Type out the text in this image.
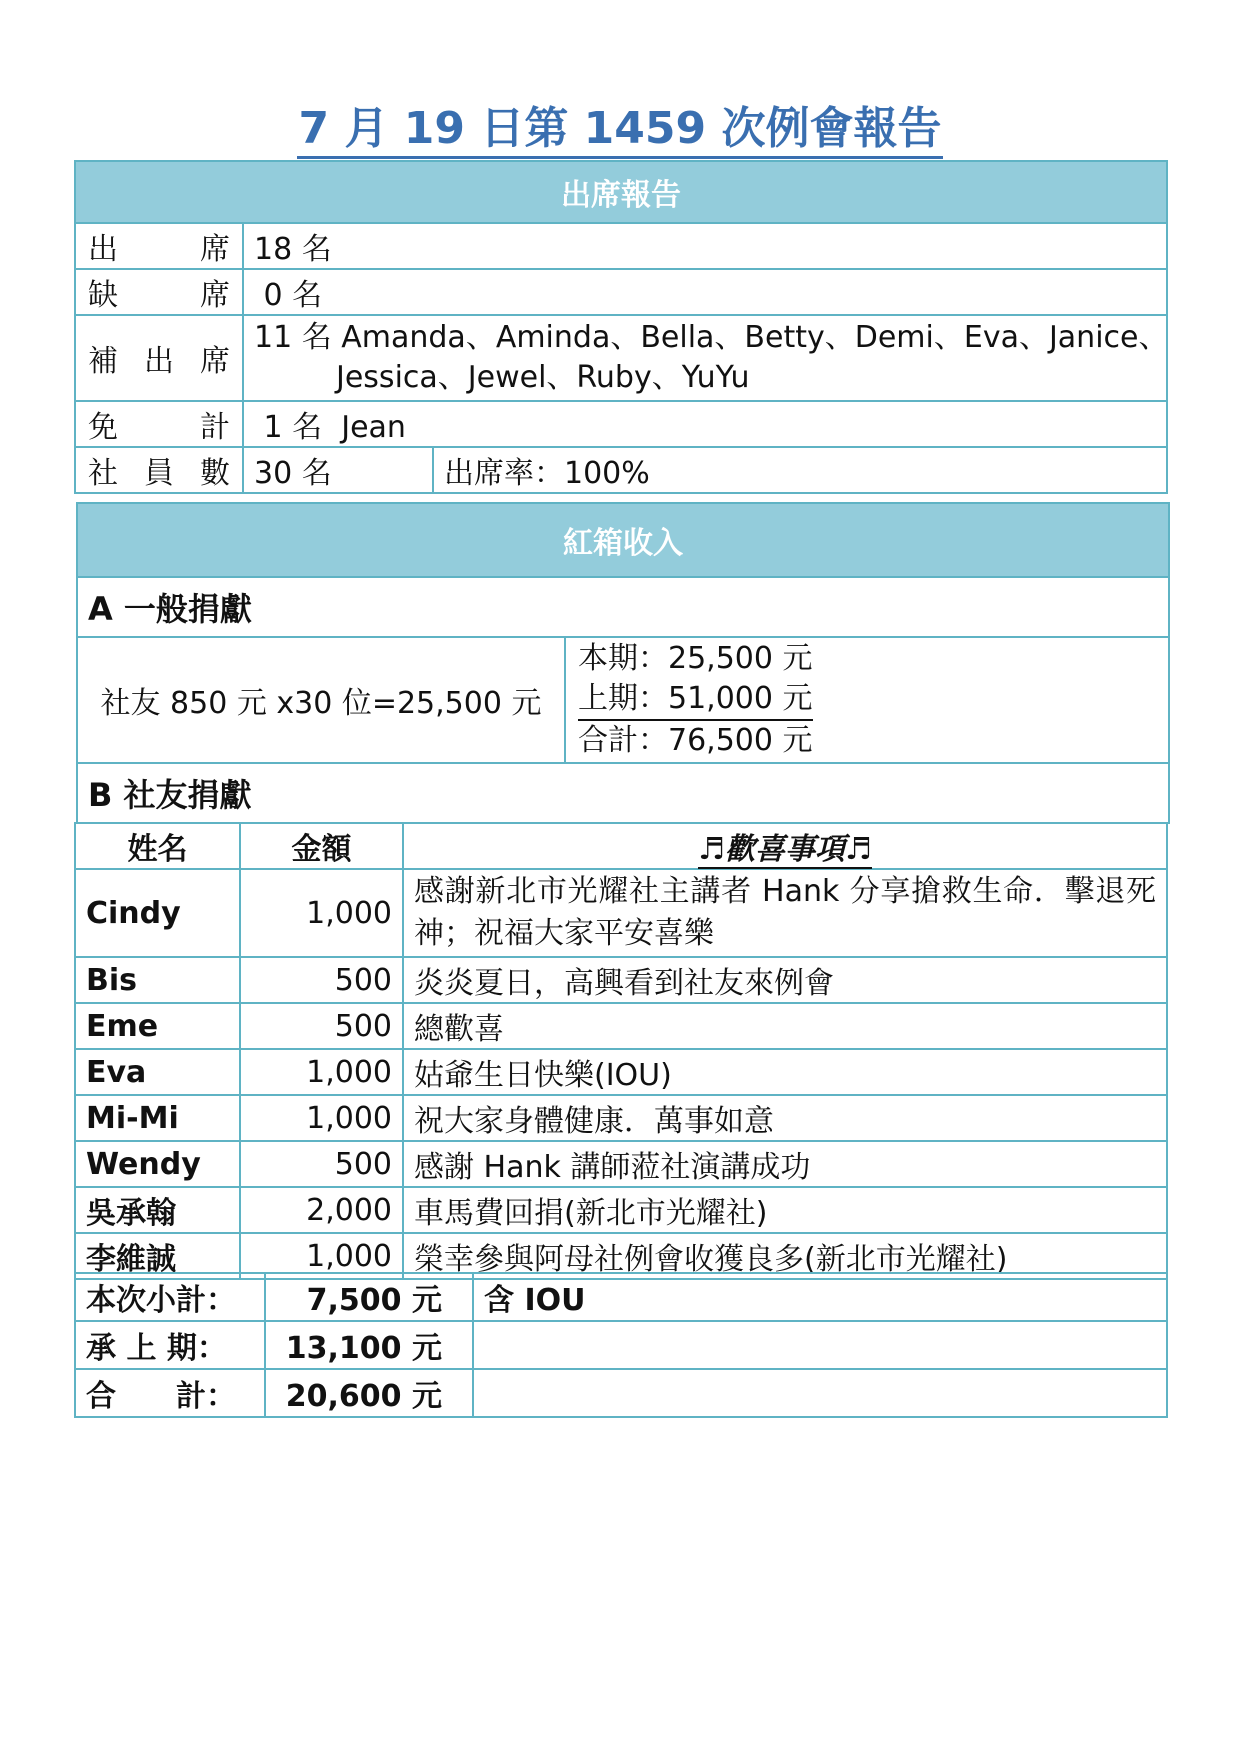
7 月 19 日第 1459 次例會報告
出席報告		
出　　席	18 名	
缺　　席	0 名	
補 出 席	11 名 Amanda、Aminda、Bella、Betty、Demi、Eva、Janice、
Jessica、Jewel、Ruby、YuYu	

免　　計	1 名  Jean	
社 員 數	30 名	出席率：100%
紅箱收入
A 一般捐獻
社友 850 元 x30 位=25,500 元	
本期：25,500 元
上期：51,000 元

合計：76,500 元

B 社友捐獻
姓名	金額	♬歡喜事項♬
Cindy	1,000	感謝新北市光耀社主講者 Hank 分享搶救生命．擊退死神；祝福大家平安喜樂
Bis	500	炎炎夏日，高興看到社友來例會
Eme	500	總歡喜
Eva	1,000	姑爺生日快樂(IOU)
Mi-Mi	1,000	祝大家身體健康．萬事如意
Wendy	500	感謝 Hank 講師蒞社演講成功
吳承翰	2,000	車馬費回捐(新北市光耀社)
李維誠	1,000	榮幸參與阿母社例會收獲良多(新北市光耀社)
本次小計：	7,500 元	含 IOU
承 上 期：	13,100 元	
合　　計：	20,600 元	
